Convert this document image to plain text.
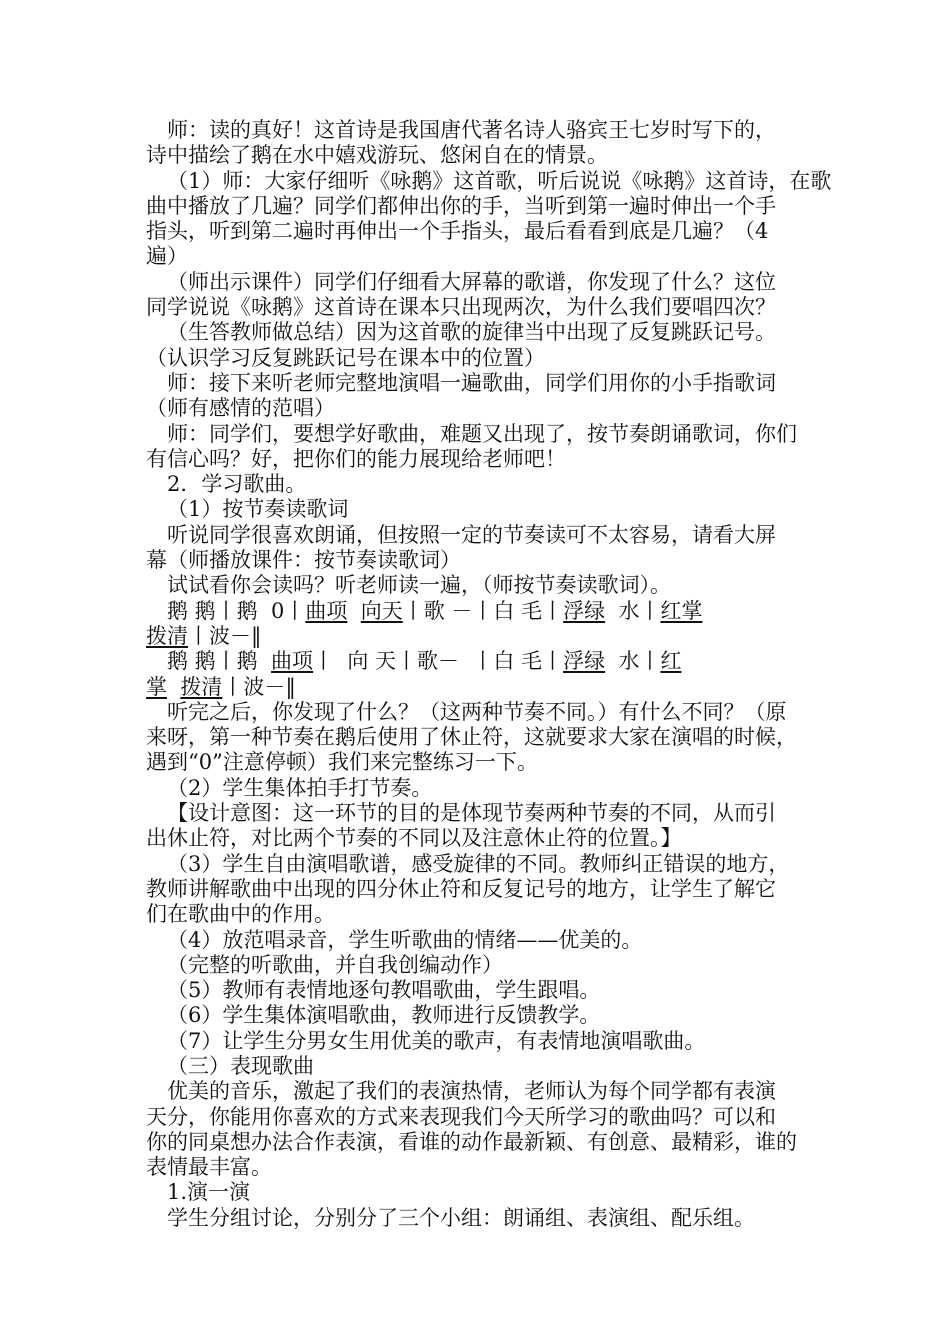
师：读的真好！这首诗是我国唐代著名诗人骆宾王七岁时写下的，

诗中描绘了鹅在水中嬉戏游玩、悠闲自在的情景。

（1）师：大家仔细听《咏鹅》这首歌，听后说说《咏鹅》这首诗，在歌

曲中播放了几遍？同学们都伸出你的手，当听到第一遍时伸出一个手

指头，听到第二遍时再伸出一个手指头，最后看看到底是几遍？（4

遍）

（师出示课件）同学们仔细看大屏幕的歌谱，你发现了什么？这位

同学说说《咏鹅》这首诗在课本只出现两次，为什么我们要唱四次？

（生答教师做总结）因为这首歌的旋律当中出现了反复跳跃记号。

（认识学习反复跳跃记号在课本中的位置）

师：接下来听老师完整地演唱一遍歌曲，同学们用你的小手指歌词

（师有感情的范唱）

师：同学们，要想学好歌曲，难题又出现了，按节奏朗诵歌词，你们

有信心吗？好，把你们的能力展现给老师吧！

2．学习歌曲。

（1）按节奏读歌词

听说同学很喜欢朗诵，但按照一定的节奏读可不太容易，请看大屏

幕（师播放课件：按节奏读歌词）

试试看你会读吗？听老师读一遍，（师按节奏读歌词）。

鹅 鹅丨鹅  0丨曲项 向天丨歌 －丨白 毛丨浮绿  水丨红掌

拨清丨波－‖

鹅 鹅丨鹅  曲项丨  向 天丨歌－  丨白 毛丨浮绿  水丨红

掌 拨清丨波－‖

听完之后，你发现了什么？（这两种节奏不同。）有什么不同？（原

来呀，第一种节奏在鹅后使用了休止符，这就要求大家在演唱的时候，

遇到“0”注意停顿）我们来完整练习一下。

（2）学生集体拍手打节奏。

【设计意图：这一环节的目的是体现节奏两种节奏的不同，从而引

出休止符，对比两个节奏的不同以及注意休止符的位置。】

（3）学生自由演唱歌谱，感受旋律的不同。教师纠正错误的地方，

教师讲解歌曲中出现的四分休止符和反复记号的地方，让学生了解它

们在歌曲中的作用。

（4）放范唱录音，学生听歌曲的情绪——优美的。

（完整的听歌曲，并自我创编动作）

（5）教师有表情地逐句教唱歌曲，学生跟唱。

（6）学生集体演唱歌曲，教师进行反馈教学。

（7）让学生分男女生用优美的歌声，有表情地演唱歌曲。

（三）表现歌曲

优美的音乐，激起了我们的表演热情，老师认为每个同学都有表演

天分，你能用你喜欢的方式来表现我们今天所学习的歌曲吗？可以和

你的同桌想办法合作表演，看谁的动作最新颖、有创意、最精彩，谁的

表情最丰富。

1.演一演

学生分组讨论，分别分了三个小组：朗诵组、表演组、配乐组。
